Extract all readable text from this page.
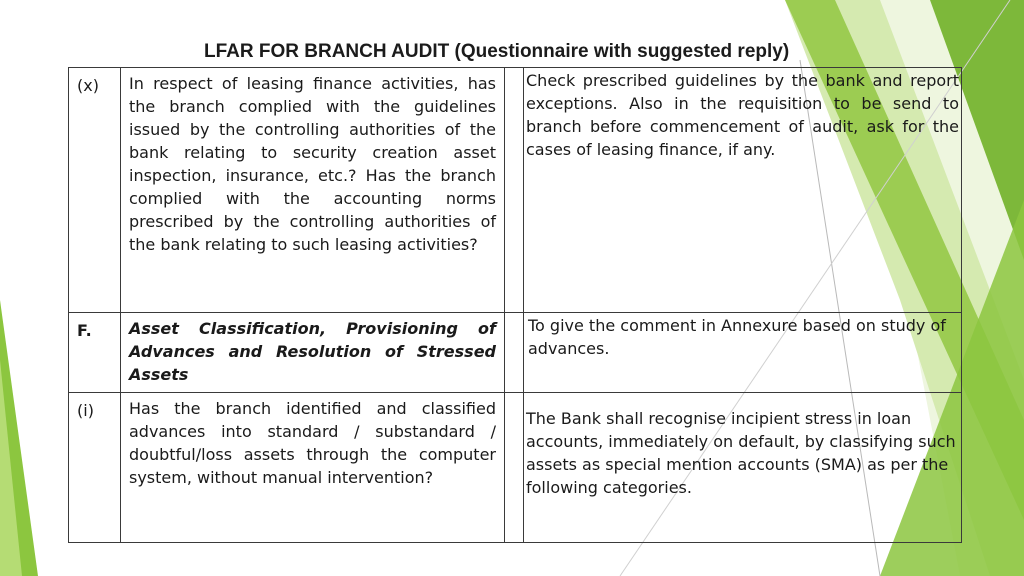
LFAR FOR BRANCH AUDIT (Questionnaire with suggested reply)
(x)	In respect of leasing finance activities, has the branch complied with the guidelines issued by the controlling authorities of the bank relating to security creation asset inspection, insurance, etc.? Has the branch complied with the accounting norms prescribed by the controlling authorities of the bank relating to such leasing activities?		Check prescribed guidelines by the bank and report exceptions. Also in the requisition to be send to branch before commencement of audit, ask for the cases of leasing finance, if any.
F.	Asset Classification, Provisioning of Advances and Resolution of Stressed Assets		To give the comment in Annexure based on study of advances.
(i)	Has the branch identified and classified advances into standard / substandard / doubtful/loss assets through the computer system, without manual intervention?		The Bank shall recognise incipient stress in loan accounts, immediately on default, by classifying such assets as special mention accounts (SMA) as per the following categories.
